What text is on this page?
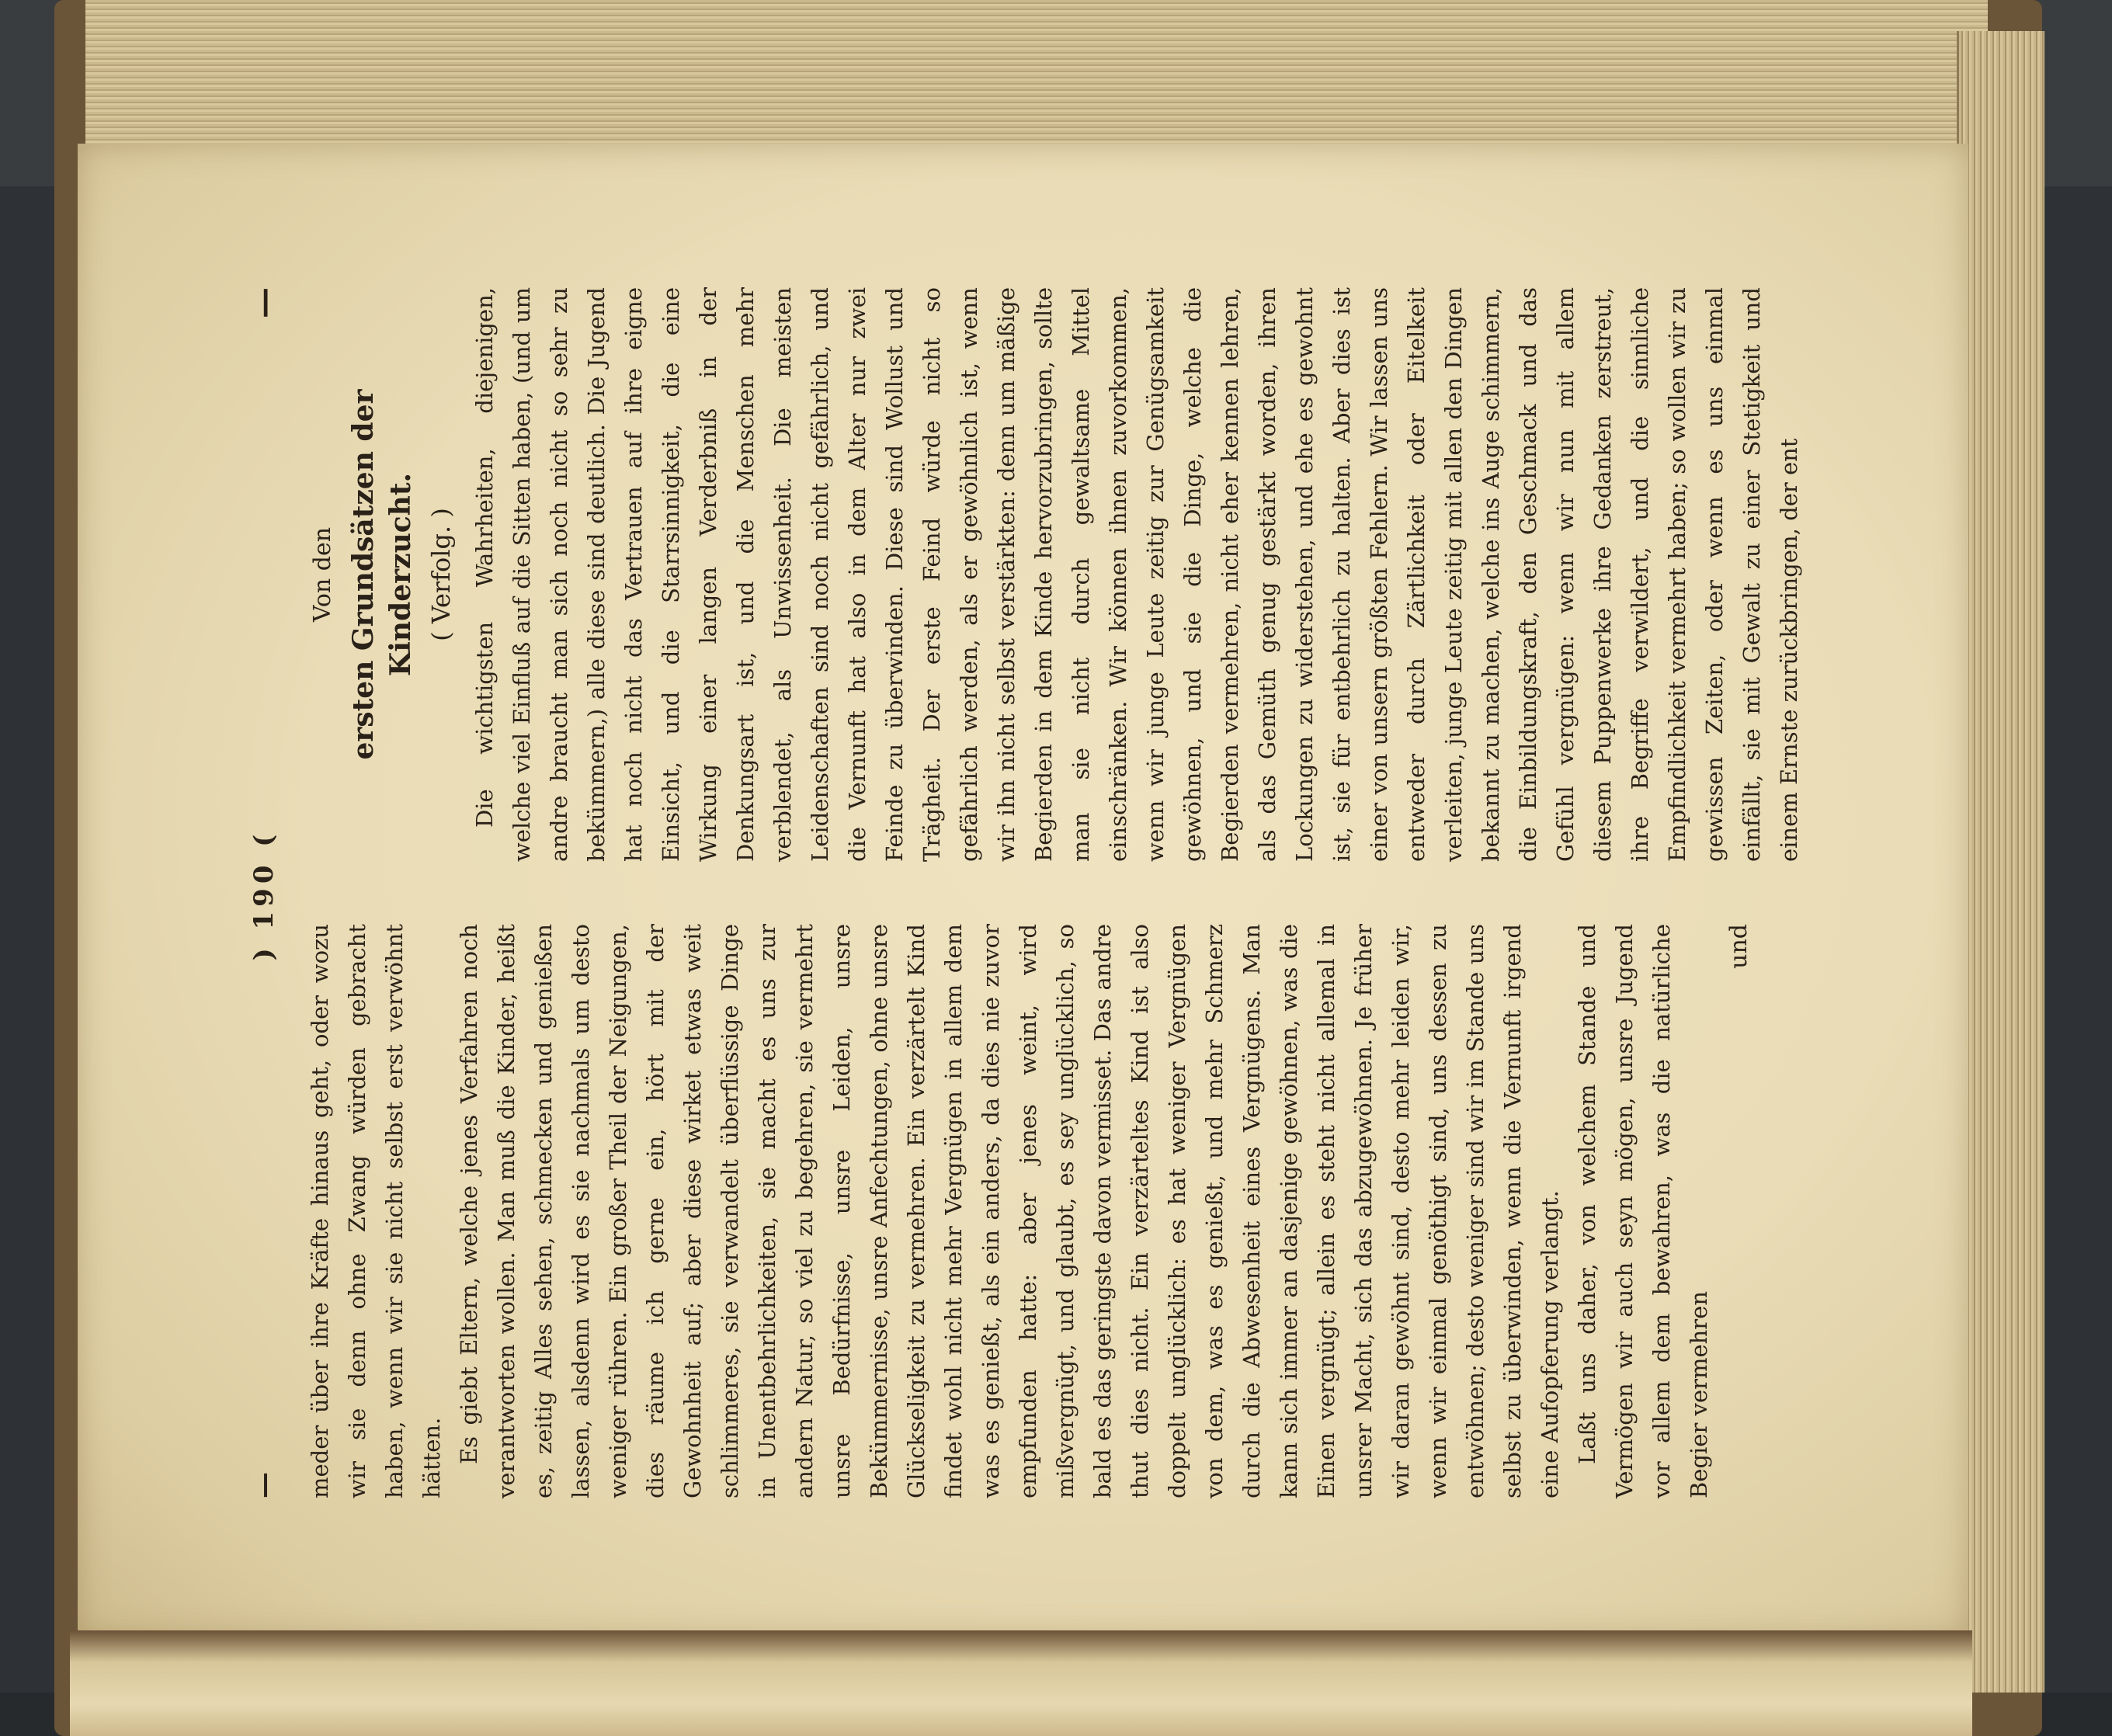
—
) 190 (
—

meder über ihre Kräfte hinaus geht, oder wozu wir sie denn ohne Zwang würden gebracht haben, wenn wir sie nicht selbst erst verwöhnt hätten. Es giebt Eltern, welche jenes Verfahren noch verantworten wollen. Man muß die Kinder, heißt es, zeitig Alles sehen, schmecken und genießen lassen, alsdenn wird es sie nachmals um desto weniger rühren. Ein großer Theil der Neigungen, dies räume ich gerne ein, hört mit der Gewohnheit auf; aber diese wirket etwas weit schlimmeres, sie verwandelt überflüssige Dinge in Unentbehrlichkeiten, sie macht es uns zur andern Natur, so viel zu begehren, sie vermehrt unsre Bedürfnisse, unsre Leiden, unsre Bekümmernisse, unsre Anfechtungen, ohne unsre Glückseligkeit zu vermehren. Ein verzärtelt Kind findet wohl nicht mehr Vergnügen in allem dem was es genießt, als ein anders, da dies nie zuvor empfunden hatte: aber jenes weint, wird mißvergnügt, und glaubt, es sey unglücklich, so bald es das geringste davon vermisset. Das andre thut dies nicht. Ein verzärteltes Kind ist also doppelt unglücklich: es hat weniger Vergnügen von dem, was es genießt, und mehr Schmerz durch die Abwesenheit eines Vergnügens. Man kann sich immer an dasjenige gewöhnen, was die Einen vergnügt; allein es steht nicht allemal in unsrer Macht, sich das abzugewöhnen. Je früher wir daran gewöhnt sind, desto mehr leiden wir, wenn wir einmal genöthigt sind, uns dessen zu entwöhnen; desto weniger sind wir im Stande uns selbst zu überwinden, wenn die Vernunft irgend eine Aufopferung verlangt. Laßt uns daher, von welchem Stande und Vermögen wir auch seyn mögen, unsre Jugend vor allem dem bewahren, was die natürliche Begier vermehren

und
Von den ersten Grundsätzen der Kinderzucht. ( Verfolg. ) Die wichtigsten Wahrheiten, diejenigen, welche viel Einfluß auf die Sitten haben, (und um andre braucht man sich noch nicht so sehr zu bekümmern,) alle diese sind deutlich. Die Jugend hat noch nicht das Vertrauen auf ihre eigne Einsicht, und die Starrsinnigkeit, die eine Wirkung einer langen Verderbniß in der Denkungsart ist, und die Menschen mehr verblendet, als Unwissenheit. Die meisten Leidenschaften sind noch nicht gefährlich, und die Vernunft hat also in dem Alter nur zwei Feinde zu überwinden. Diese sind Wollust und Trägheit. Der erste Feind würde nicht so gefährlich werden, als er gewöhnlich ist, wenn wir ihn nicht selbst verstärkten: denn um mäßige Begierden in dem Kinde hervorzubringen, sollte man sie nicht durch gewaltsame Mittel einschränken. Wir können ihnen zuvorkommen, wenn wir junge Leute zeitig zur Genügsamkeit gewöhnen, und sie die Dinge, welche die Begierden vermehren, nicht eher kennen lehren, als das Gemüth genug gestärkt worden, ihren Lockungen zu widerstehen, und ehe es gewohnt ist, sie für entbehrlich zu halten. Aber dies ist einer von unsern größten Fehlern. Wir lassen uns entweder durch Zärtlichkeit oder Eitelkeit verleiten, junge Leute zeitig mit allen den Dingen bekannt zu machen, welche ins Auge schimmern, die Einbildungskraft, den Geschmack und das Gefühl vergnügen: wenn wir nun mit allem diesem Puppenwerke ihre Gedanken zerstreut, ihre Begriffe verwildert, und die sinnliche Empfindlichkeit vermehrt haben; so wollen wir zu gewissen Zeiten, oder wenn es uns einmal einfällt, sie mit Gewalt zu einer Stetigkeit und einem Ernste zurückbringen, der ent
